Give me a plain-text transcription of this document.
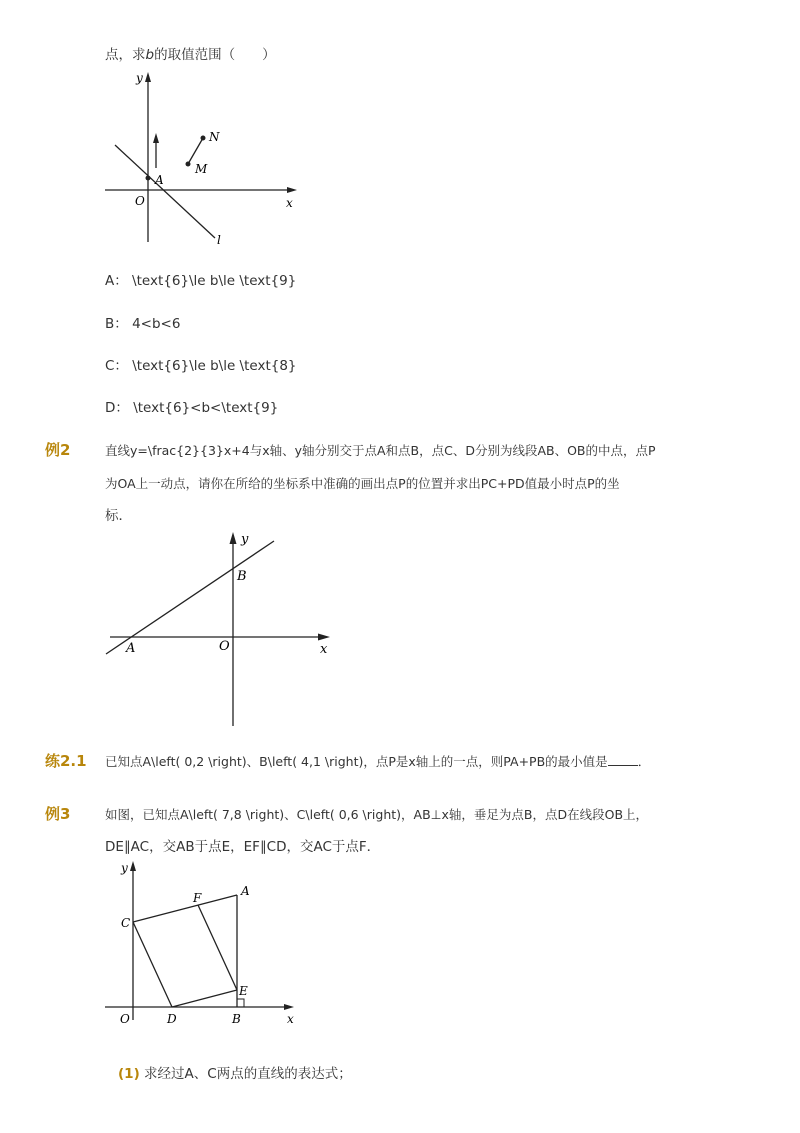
点，求b的取值范围（　　）
y
x
O
A
N
M
l
A： \text{6}\le b\le \text{9}
B： 4<b<6
C： \text{6}\le b\le \text{8}
D： \text{6}<b<\text{9}
例2	直线y=\frac{2}{3}x+4与x轴、y轴分别交于点A和点B，点C、D分别为线段AB、OB的中点，点P
为OA上一动点，请你在所给的坐标系中准确的画出点P的位置并求出PC+PD值最小时点P的坐
标．
y
x
O
A
B
练2.1 已知点A\left( 0,2 \right)、B\left( 4,1 \right)，点P是x轴上的一点，则PA+PB的最小值是 ．
例3	如图，已知点A\left( 7,8 \right)、C\left( 0,6 \right)，AB⊥x轴，垂足为点B，点D在线段OB上，
DE∥AC，交AB于点E，EF∥CD，交AC于点F．
y
x
O
C
F	A
E
D	B
(1) 求经过A、C两点的直线的表达式；
